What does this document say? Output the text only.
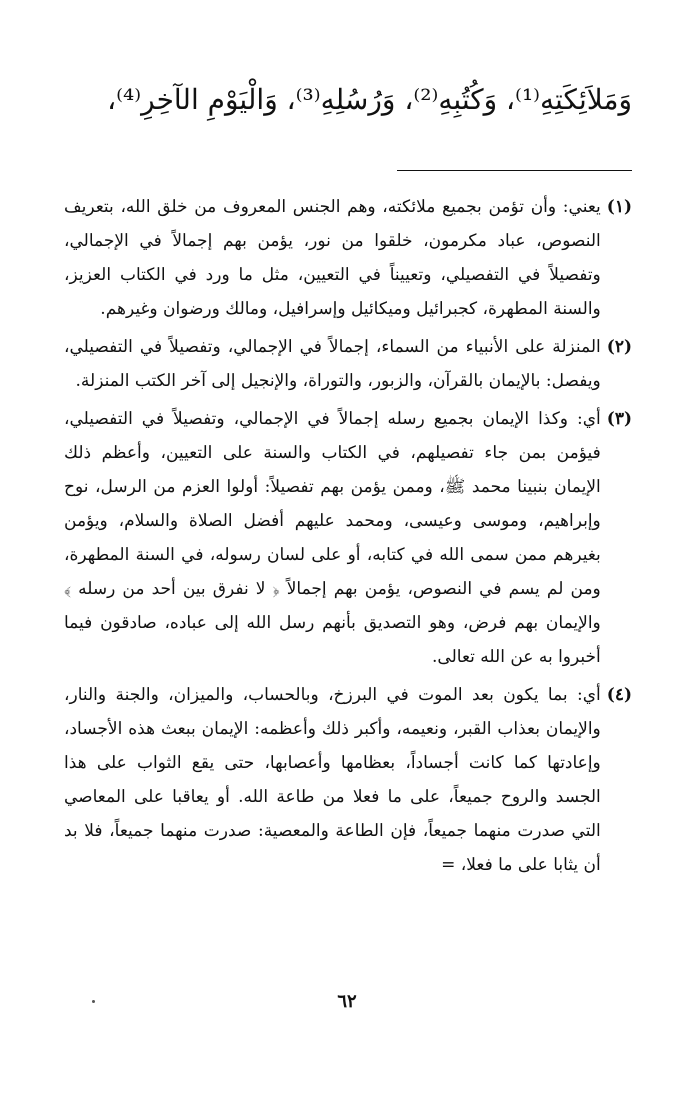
وَمَلاَئِكَتِهِ⁽¹⁾، وَكُتُبِهِ⁽²⁾، وَرُسُلِهِ⁽³⁾، وَالْيَوْمِ الآخِرِ⁽⁴⁾،
(١)
يعني: وأن تؤمن بجميع ملائكته، وهم الجنس المعروف من خلق الله، بتعريف النصوص، عباد مكرمون، خلقوا من نور، يؤمن بهم إجمالاً في الإجمالي، وتفصيلاً في التفصيلي، وتعييناً في التعيين، مثل ما ورد في الكتاب العزيز، والسنة المطهرة، كجبرائيل وميكائيل وإسرافيل، ومالك ورضوان وغيرهم.
(٢)
المنزلة على الأنبياء من السماء، إجمالاً في الإجمالي، وتفصيلاً في التفصيلي، ويفصل: بالإيمان بالقرآن، والزبور، والتوراة، والإنجيل إلى آخر الكتب المنزلة.
(٣)
أي: وكذا الإيمان بجميع رسله إجمالاً في الإجمالي، وتفصيلاً في التفصيلي، فيؤمن بمن جاء تفصيلهم، في الكتاب والسنة على التعيين، وأعظم ذلك الإيمان بنبينا محمد ﷺ، وممن يؤمن بهم تفصيلاً: أولوا العزم من الرسل، نوح وإبراهيم، وموسى وعيسى، ومحمد عليهم أفضل الصلاة والسلام، ويؤمن بغيرهم ممن سمى الله في كتابه، أو على لسان رسوله، في السنة المطهرة، ومن لم يسم في النصوص، يؤمن بهم إجمالاً ﴿ لا نفرق بين أحد من رسله ﴾ والإيمان بهم فرض، وهو التصديق بأنهم رسل الله إلى عباده، صادقون فيما أخبروا به عن الله تعالى.
(٤)
أي: بما يكون بعد الموت في البرزخ، وبالحساب، والميزان، والجنة والنار، والإيمان بعذاب القبر، ونعيمه، وأكبر ذلك وأعظمه: الإيمان ببعث هذه الأجساد، وإعادتها كما كانت أجساداً، بعظامها وأعصابها، حتى يقع الثواب على هذا الجسد والروح جميعاً، على ما فعلا من طاعة الله. أو يعاقبا على المعاصي التي صدرت منهما جميعاً، فإن الطاعة والمعصية: صدرت منهما جميعاً، فلا بد أن يثابا على ما فعلا، =
٦٢
